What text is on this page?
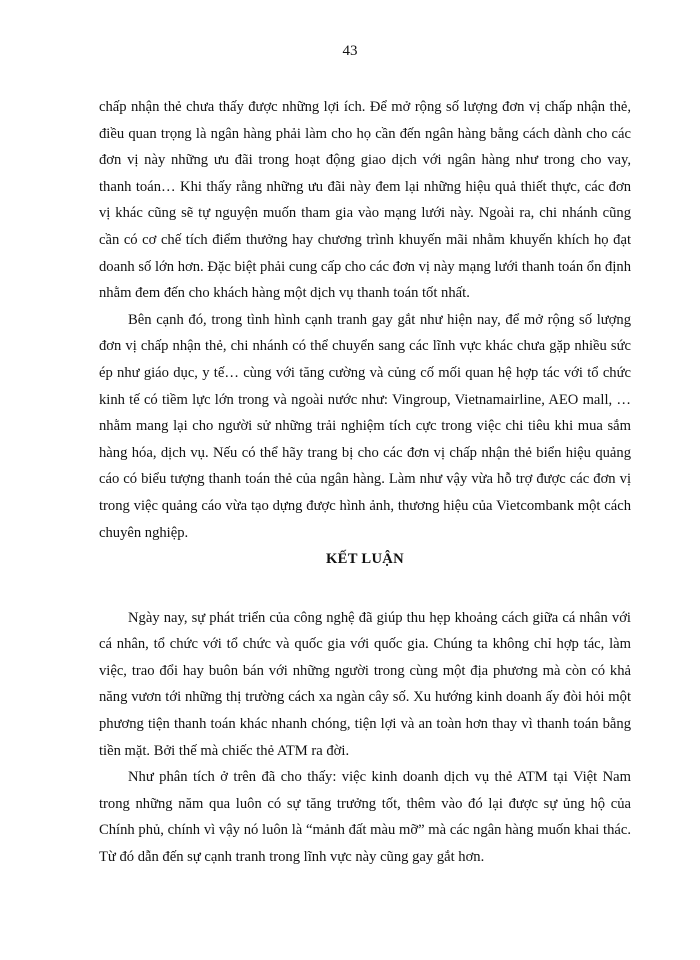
43

chấp nhận thẻ chưa thấy được những lợi ích. Để mở rộng số lượng đơn vị chấp nhận thẻ, điều quan trọng là ngân hàng phải làm cho họ cần đến ngân hàng bằng cách dành cho các đơn vị này những ưu đãi trong hoạt động giao dịch với ngân hàng như trong cho vay, thanh toán… Khi thấy rằng những ưu đãi này đem lại những hiệu quả thiết thực, các đơn vị khác cũng sẽ tự nguyện muốn tham gia vào mạng lưới này. Ngoài ra, chi nhánh cũng cần có cơ chế tích điểm thưởng hay chương trình khuyến mãi nhằm khuyến khích họ đạt doanh số lớn hơn. Đặc biệt phải cung cấp cho các đơn vị này mạng lưới thanh toán ổn định nhằm đem đến cho khách hàng một dịch vụ thanh toán tốt nhất.

Bên cạnh đó, trong tình hình cạnh tranh gay gắt như hiện nay, để mở rộng số lượng đơn vị chấp nhận thẻ, chi nhánh có thể chuyển sang các lĩnh vực khác chưa gặp nhiều sức ép như giáo dục, y tế… cùng với tăng cường và củng cố mối quan hệ hợp tác với tổ chức kinh tế có tiềm lực lớn trong và ngoài nước như: Vingroup, Vietnamairline, AEO mall, … nhằm mang lại cho người sử những trải nghiệm tích cực trong việc chi tiêu khi mua sắm hàng hóa, dịch vụ. Nếu có thể hãy trang bị cho các đơn vị chấp nhận thẻ biển hiệu quảng cáo có biểu tượng thanh toán thẻ của ngân hàng. Làm như vậy vừa hỗ trợ được các đơn vị trong việc quảng cáo vừa tạo dựng được hình ảnh, thương hiệu của Vietcombank một cách chuyên nghiệp.

KẾT LUẬN

Ngày nay, sự phát triển của công nghệ đã giúp thu hẹp khoảng cách giữa cá nhân với cá nhân, tổ chức với tổ chức và quốc gia với quốc gia. Chúng ta không chỉ hợp tác, làm việc, trao đổi hay buôn bán với những người trong cùng một địa phương mà còn có khả năng vươn tới những thị trường cách xa ngàn cây số. Xu hướng kinh doanh ấy đòi hỏi một phương tiện thanh toán khác nhanh chóng, tiện lợi và an toàn hơn thay vì thanh toán bằng tiền mặt. Bởi thế mà chiếc thẻ ATM ra đời.

Như phân tích ở trên đã cho thấy: việc kinh doanh dịch vụ thẻ ATM tại Việt Nam trong những năm qua luôn có sự tăng trưởng tốt, thêm vào đó lại được sự ủng hộ của Chính phủ, chính vì vậy nó luôn là “mảnh đất màu mỡ” mà các ngân hàng muốn khai thác. Từ đó dẫn đến sự cạnh tranh trong lĩnh vực này cũng gay gắt hơn.
